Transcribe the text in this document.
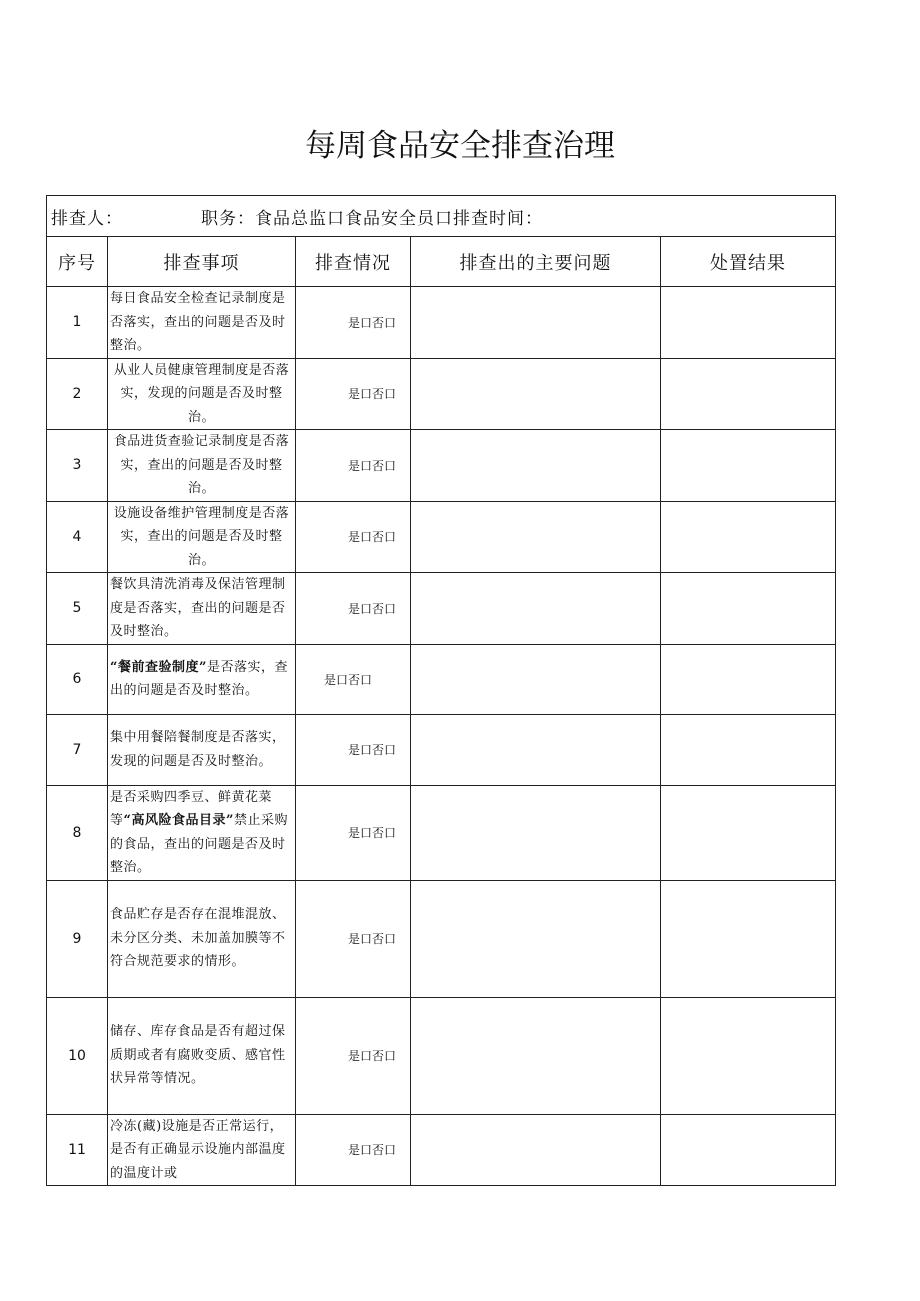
每周食品安全排查治理
排查人： 职务：食品总监口食品安全员口排查时间：				
序号	排查事项	排查情况	排查出的主要问题	处置结果
1	每日食品安全检查记录制度是否落实，查出的问题是否及时整治。	是口否口		
2	从业人员健康管理制度是否落实，发现的问题是否及时整治。	是口否口		
3	食品进货查验记录制度是否落实，查出的问题是否及时整治。	是口否口		
4	设施设备维护管理制度是否落实，查出的问题是否及时整治。	是口否口		
5	餐饮具清洗消毒及保洁管理制度是否落实，查出的问题是否及时整治。	是口否口		
6	“餐前查验制度”是否落实，查出的问题是否及时整治。	是口否口		
7	集中用餐陪餐制度是否落实，发现的问题是否及时整治。	是口否口		
8	是否采购四季豆、鲜黄花菜等“高风险食品目录”禁止采购的食品，查出的问题是否及时整治。	是口否口		
9	食品贮存是否存在混堆混放、未分区分类、未加盖加膜等不符合规范要求的情形。	是口否口		
10	储存、库存食品是否有超过保质期或者有腐败变质、感官性状异常等情况。	是口否口		
11	冷冻(藏)设施是否正常运行，是否有正确显示设施内部温度的温度计或	是口否口		
